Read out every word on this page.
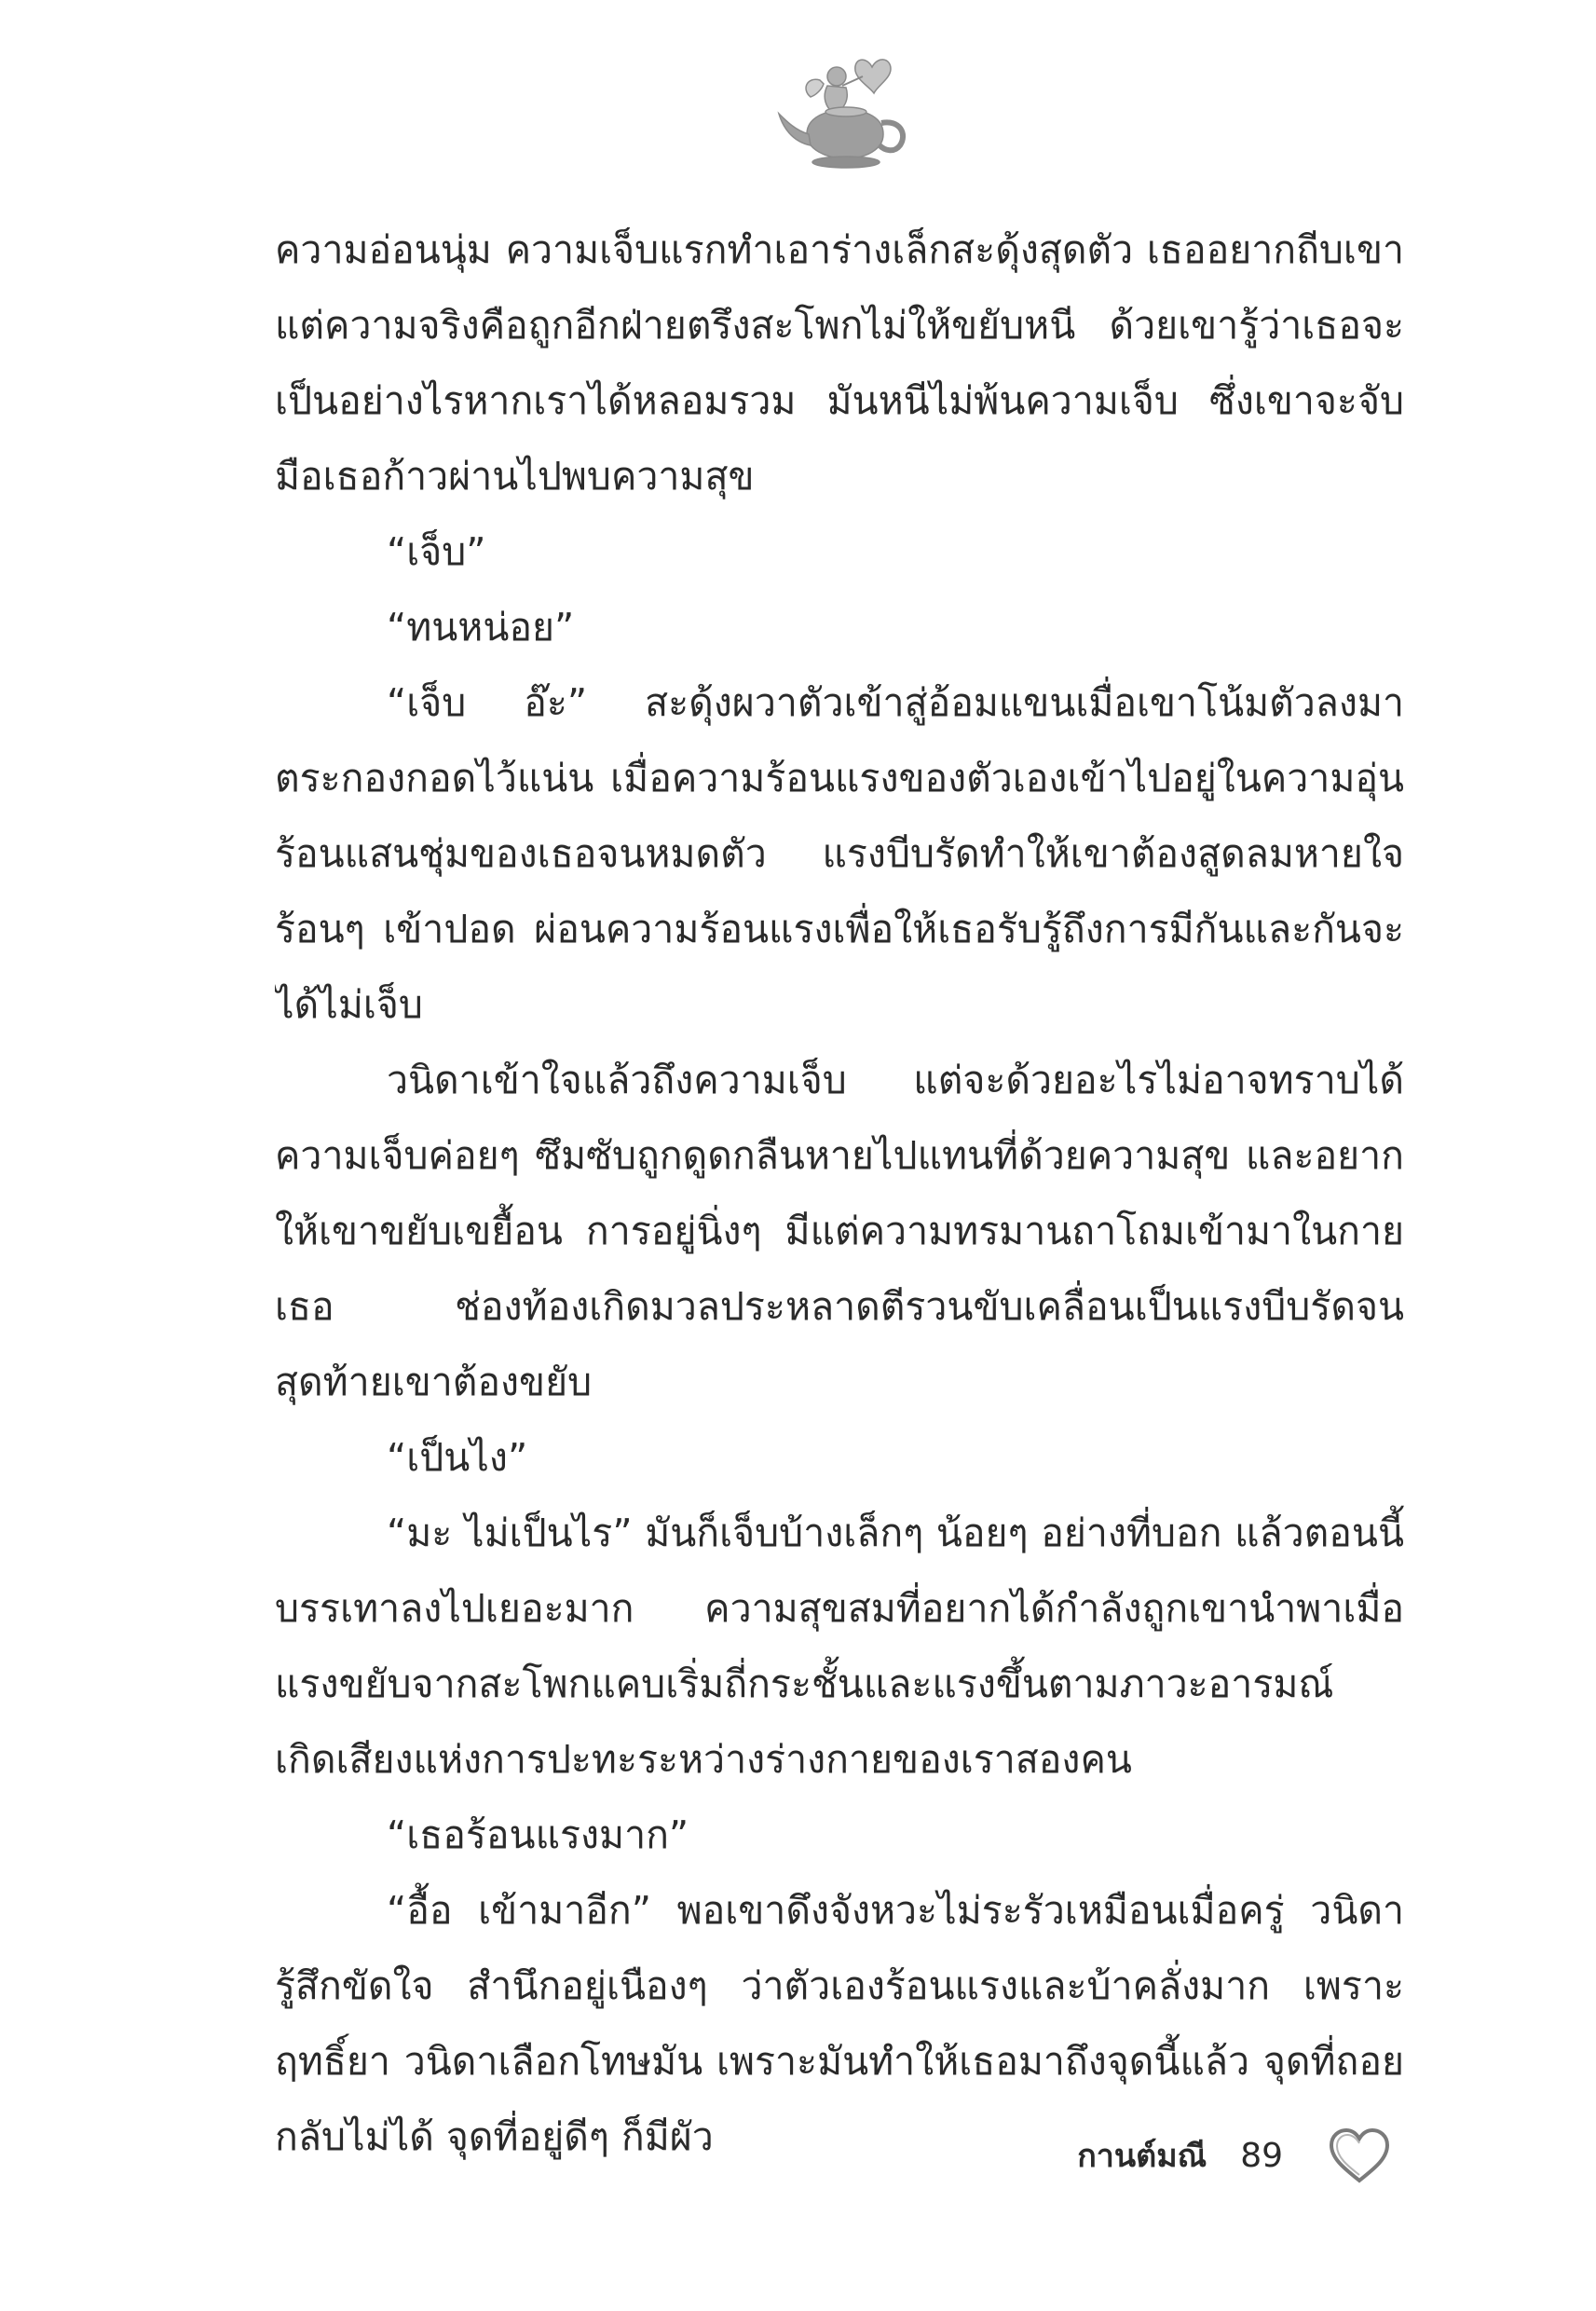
ความอ่อนนุ่ม ความเจ็บแรกทำเอาร่างเล็กสะดุ้งสุดตัว เธออยากถีบเขา แต่ความจริงคือถูกอีกฝ่ายตรึงสะโพกไม่ให้ขยับหนี ด้วยเขารู้ว่าเธอจะเป็นอย่างไรหากเราได้หลอมรวม มันหนีไม่พ้นความเจ็บ ซึ่งเขาจะจับมือเธอก้าวผ่านไปพบความสุข

“เจ็บ”

“ทนหน่อย”

“เจ็บ อ๊ะ” สะดุ้งผวาตัวเข้าสู่อ้อมแขนเมื่อเขาโน้มตัวลงมาตระกองกอดไว้แน่น เมื่อความร้อนแรงของตัวเองเข้าไปอยู่ในความอุ่นร้อนแสนชุ่มของเธอจนหมดตัว แรงบีบรัดทำให้เขาต้องสูดลมหายใจร้อนๆ เข้าปอด ผ่อนความร้อนแรงเพื่อให้เธอรับรู้ถึงการมีกันและกันจะได้ไม่เจ็บ

วนิดาเข้าใจแล้วถึงความเจ็บ แต่จะด้วยอะไรไม่อาจทราบได้ ความเจ็บค่อยๆ ซึมซับถูกดูดกลืนหายไปแทนที่ด้วยความสุข และอยากให้เขาขยับเขยื้อน การอยู่นิ่งๆ มีแต่ความทรมานถาโถมเข้ามาในกายเธอ ช่องท้องเกิดมวลประหลาดตีรวนขับเคลื่อนเป็นแรงบีบรัดจนสุดท้ายเขาต้องขยับ

“เป็นไง”

“มะ ไม่เป็นไร” มันก็เจ็บบ้างเล็กๆ น้อยๆ อย่างที่บอก แล้วตอนนี้บรรเทาลงไปเยอะมาก ความสุขสมที่อยากได้กำลังถูกเขานำพาเมื่อแรงขยับจากสะโพกแคบเริ่มถี่กระชั้นและแรงขึ้นตามภาวะอารมณ์ เกิดเสียงแห่งการปะทะระหว่างร่างกายของเราสองคน

“เธอร้อนแรงมาก”

“อื้อ เข้ามาอีก” พอเขาดึงจังหวะไม่ระรัวเหมือนเมื่อครู่ วนิดารู้สึกขัดใจ สำนึกอยู่เนืองๆ ว่าตัวเองร้อนแรงและบ้าคลั่งมาก เพราะฤทธิ์ยา วนิดาเลือกโทษมัน เพราะมันทำให้เธอมาถึงจุดนี้แล้ว จุดที่ถอยกลับไม่ได้ จุดที่อยู่ดีๆ ก็มีผัว	กานต์มณี 89
